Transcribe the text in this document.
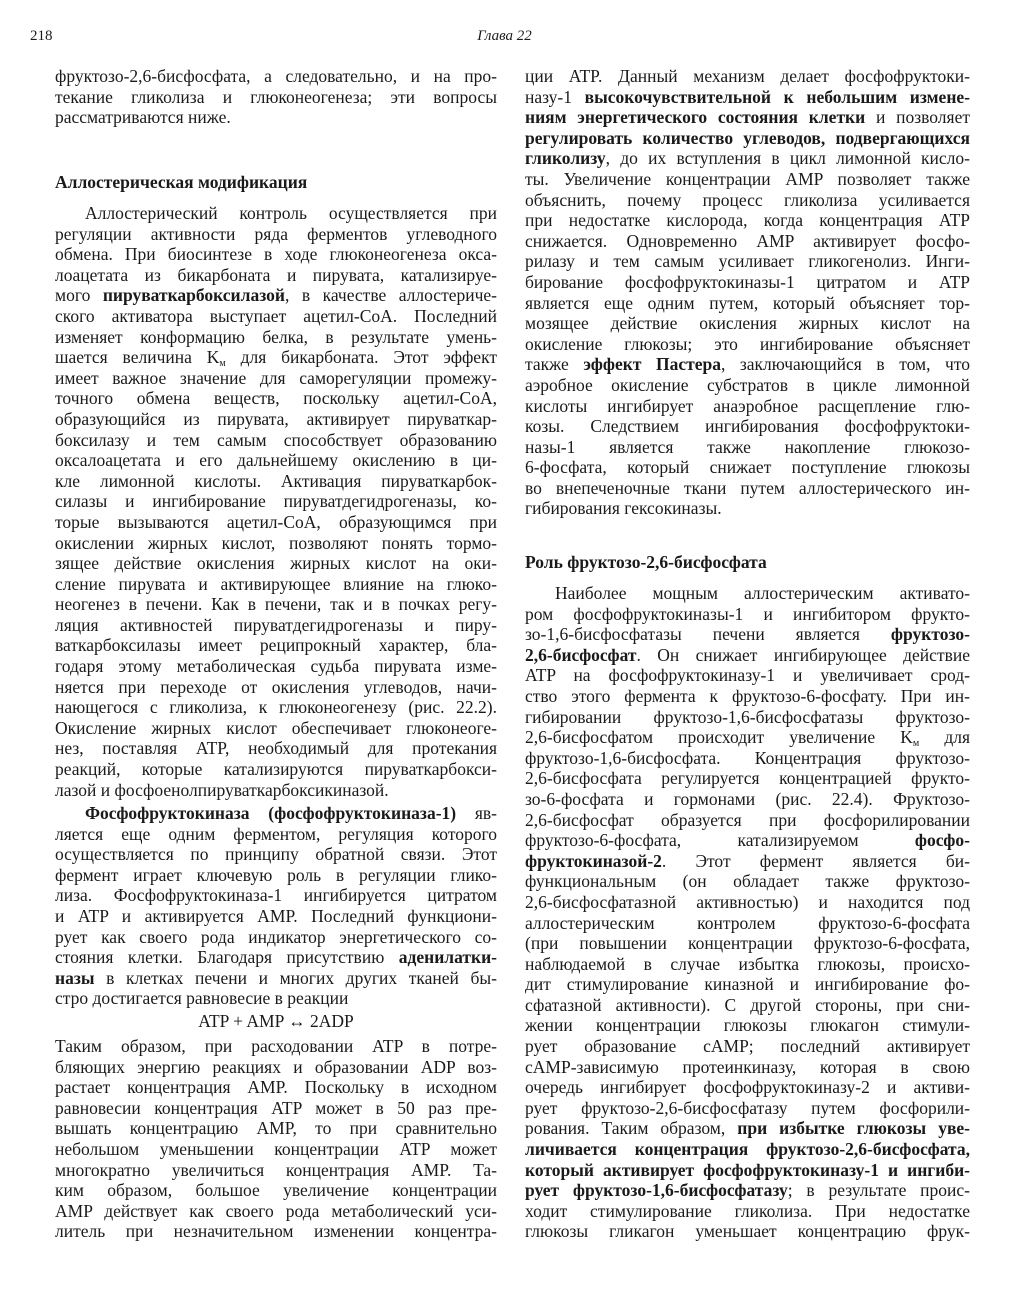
218	Глава 22
фруктозо-2,6-бисфосфата, а следовательно, и на про-
текание гликолиза и глюконеогенеза; эти вопросы
рассматриваются ниже.
Аллостерическая модификация
Аллостерический контроль осуществляется при
регуляции активности ряда ферментов углеводного
обмена. При биосинтезе в ходе глюконеогенеза окса-
лоацетата из бикарбоната и пирувата, катализируе-
мого пируваткарбоксилазой, в качестве аллостериче-
ского активатора выступает ацетил-CoA. Последний
изменяет конформацию белка, в результате умень-
шается величина $K_м$ для бикарбоната. Этот эффект
имеет важное значение для саморегуляции промежу-
точного обмена веществ, поскольку ацетил-CoA,
образующийся из пирувата, активирует пируваткар-
боксилазу и тем самым способствует образованию
оксалоацетата и его дальнейшему окислению в ци-
кле лимонной кислоты. Активация пируваткарбок-
силазы и ингибирование пируватдегидрогеназы, ко-
торые вызываются ацетил-CoA, образующимся при
окислении жирных кислот, позволяют понять тормо-
зящее действие окисления жирных кислот на оки-
сление пирувата и активирующее влияние на глюко-
неогенез в печени. Как в печени, так и в почках регу-
ляция активностей пируватдегидрогеназы и пиру-
ваткарбоксилазы имеет реципрокный характер, бла-
годаря этому метаболическая судьба пирувата изме-
няется при переходе от окисления углеводов, начи-
нающегося с гликолиза, к глюконеогенезу (рис. 22.2).
Окисление жирных кислот обеспечивает глюконеоге-
нез, поставляя ATP, необходимый для протекания
реакций, которые катализируются пируваткарбокси-
лазой и фосфоенолпируваткарбоксикиназой.
Фосфофруктокиназа (фосфофруктокиназа-1) яв-
ляется еще одним ферментом, регуляция которого
осуществляется по принципу обратной связи. Этот
фермент играет ключевую роль в регуляции глико-
лиза. Фосфофруктокиназа-1 ингибируется цитратом
и ATP и активируется AMP. Последний функциони-
рует как своего рода индикатор энергетического со-
стояния клетки. Благодаря присутствию аденилатки-
назы в клетках печени и многих других тканей бы-
стро достигается равновесие в реакции
ATP + AMP ↔ 2ADP
Таким образом, при расходовании ATP в потре-
бляющих энергию реакциях и образовании ADP воз-
растает концентрация AMP. Поскольку в исходном
равновесии концентрация ATP может в 50 раз пре-
вышать концентрацию AMP, то при сравнительно
небольшом уменьшении концентрации ATP может
многократно увеличиться концентрация AMP. Та-
ким образом, большое увеличение концентрации
AMP действует как своего рода метаболический уси-
литель при незначительном изменении концентра-
ции ATP. Данный механизм делает фосфофруктоки-
назу-1 высокочувствительной к небольшим измене-
ниям энергетического состояния клетки и позволяет
регулировать количество углеводов, подвергающихся
гликолизу, до их вступления в цикл лимонной кисло-
ты. Увеличение концентрации AMP позволяет также
объяснить, почему процесс гликолиза усиливается
при недостатке кислорода, когда концентрация ATP
снижается. Одновременно AMP активирует фосфо-
рилазу и тем самым усиливает гликогенолиз. Инги-
бирование фосфофруктокиназы-1 цитратом и ATP
является еще одним путем, который объясняет тор-
мозящее действие окисления жирных кислот на
окисление глюкозы; это ингибирование объясняет
также эффект Пастера, заключающийся в том, что
аэробное окисление субстратов в цикле лимонной
кислоты ингибирует анаэробное расщепление глю-
козы. Следствием ингибирования фосфофруктоки-
назы-1 является также накопление глюкозо-
6-фосфата, который снижает поступление глюкозы
во внепеченочные ткани путем аллостерического ин-
гибирования гексокиназы.
Роль фруктозо-2,6-бисфосфата
Наиболее мощным аллостерическим активато-
ром фосфофруктокиназы-1 и ингибитором фрукто-
зо-1,6-бисфосфатазы печени является фруктозо-
2,6-бисфосфат. Он снижает ингибирующее действие
ATP на фосфофруктокиназу-1 и увеличивает срод-
ство этого фермента к фруктозо-6-фосфату. При ин-
гибировании фруктозо-1,6-бисфосфатазы фруктозо-
2,6-бисфосфатом происходит увеличение $K_м$ для
фруктозо-1,6-бисфосфата. Концентрация фруктозо-
2,6-бисфосфата регулируется концентрацией фрукто-
зо-6-фосфата и гормонами (рис. 22.4). Фруктозо-
2,6-бисфосфат образуется при фосфорилировании
фруктозо-6-фосфата, катализируемом фосфо-
фруктокиназой-2. Этот фермент является би-
функциональным (он обладает также фруктозо-
2,6-бисфосфатазной активностью) и находится под
аллостерическим контролем фруктозо-6-фосфата
(при повышении концентрации фруктозо-6-фосфата,
наблюдаемой в случае избытка глюкозы, происхо-
дит стимулирование киназной и ингибирование фо-
сфатазной активности). С другой стороны, при сни-
жении концентрации глюкозы глюкагон стимули-
рует образование cAMP; последний активирует
cAMP-зависимую протеинкиназу, которая в свою
очередь ингибирует фосфофруктокиназу-2 и активи-
рует фруктозо-2,6-бисфосфатазу путем фосфорили-
рования. Таким образом, при избытке глюкозы уве-
личивается концентрация фруктозо-2,6-бисфосфата,
который активирует фосфофруктокиназу-1 и ингиби-
рует фруктозо-1,6-бисфосфатазу; в результате проис-
ходит стимулирование гликолиза. При недостатке
глюкозы гликагон уменьшает концентрацию фрук-
